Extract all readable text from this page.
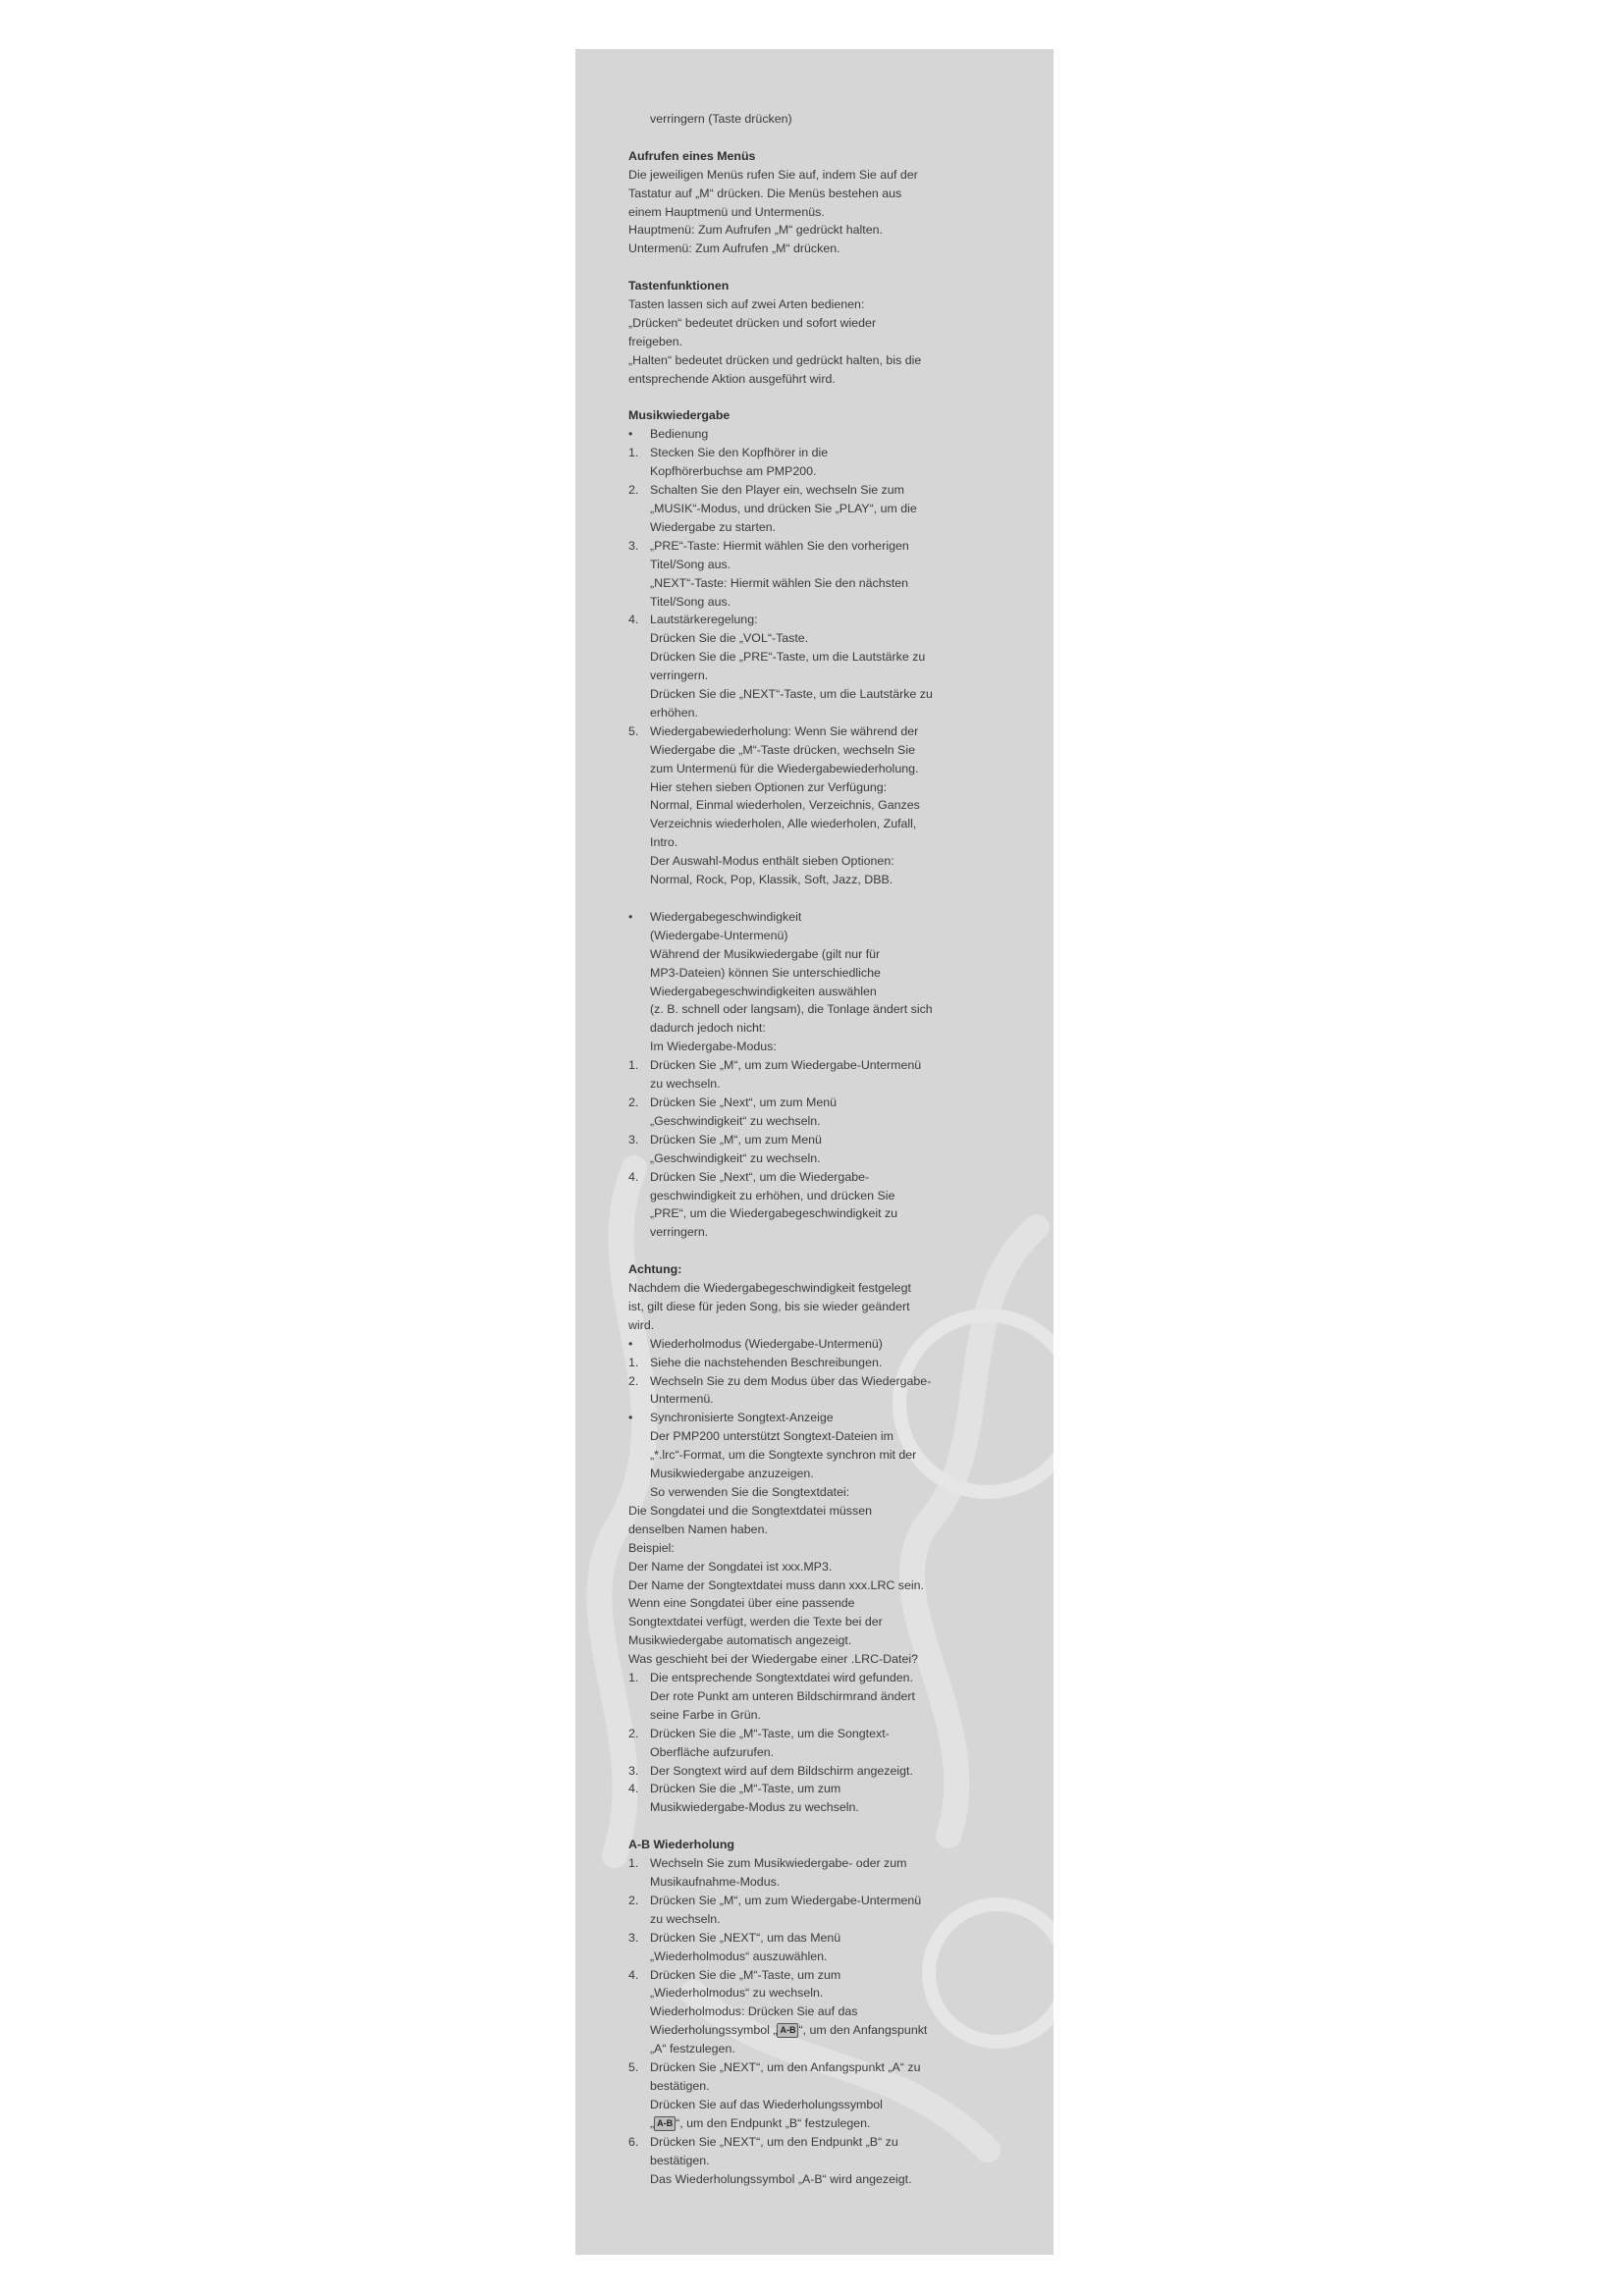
verringern (Taste drücken)
Aufrufen eines Menüs
Die jeweiligen Menüs rufen Sie auf, indem Sie auf der
Tastatur auf „M“ drücken. Die Menüs bestehen aus
einem Hauptmenü und Untermenüs.
Hauptmenü: Zum Aufrufen „M“ gedrückt halten.
Untermenü: Zum Aufrufen „M“ drücken.
Tastenfunktionen
Tasten lassen sich auf zwei Arten bedienen:
„Drücken“ bedeutet drücken und sofort wieder
freigeben.
„Halten“ bedeutet drücken und gedrückt halten, bis die
entsprechende Aktion ausgeführt wird.
Musikwiedergabe
• Bedienung
1. Stecken Sie den Kopfhörer in die
Kopfhörerbuchse am PMP200.
2. Schalten Sie den Player ein, wechseln Sie zum
„MUSIK“-Modus, und drücken Sie „PLAY“, um die
Wiedergabe zu starten.
3. „PRE“-Taste: Hiermit wählen Sie den vorherigen
Titel/Song aus.
„NEXT“-Taste: Hiermit wählen Sie den nächsten
Titel/Song aus.
4. Lautstärkeregelung:
Drücken Sie die „VOL“-Taste.
Drücken Sie die „PRE“-Taste, um die Lautstärke zu
verringern.
Drücken Sie die „NEXT“-Taste, um die Lautstärke zu
erhöhen.
5. Wiedergabewiederholung: Wenn Sie während der
Wiedergabe die „M“-Taste drücken, wechseln Sie
zum Untermenü für die Wiedergabewiederholung.
Hier stehen sieben Optionen zur Verfügung:
Normal, Einmal wiederholen, Verzeichnis, Ganzes
Verzeichnis wiederholen, Alle wiederholen, Zufall,
Intro.
Der Auswahl-Modus enthält sieben Optionen:
Normal, Rock, Pop, Klassik, Soft, Jazz, DBB.
• Wiedergabegeschwindigkeit
(Wiedergabe-Untermenü)
Während der Musikwiedergabe (gilt nur für
MP3-Dateien) können Sie unterschiedliche
Wiedergabegeschwindigkeiten auswählen
(z. B. schnell oder langsam), die Tonlage ändert sich
dadurch jedoch nicht:
Im Wiedergabe-Modus:
1. Drücken Sie „M“, um zum Wiedergabe-Untermenü
zu wechseln.
2. Drücken Sie „Next“, um zum Menü
„Geschwindigkeit“ zu wechseln.
3. Drücken Sie „M“, um zum Menü
„Geschwindigkeit“ zu wechseln.
4. Drücken Sie „Next“, um die Wiedergabe-
geschwindigkeit zu erhöhen, und drücken Sie
„PRE“, um die Wiedergabegeschwindigkeit zu
verringern.
Achtung:
Nachdem die Wiedergabegeschwindigkeit festgelegt
ist, gilt diese für jeden Song, bis sie wieder geändert
wird.
• Wiederholmodus (Wiedergabe-Untermenü)
1. Siehe die nachstehenden Beschreibungen.
2. Wechseln Sie zu dem Modus über das Wiedergabe-
Untermenü.
• Synchronisierte Songtext-Anzeige
Der PMP200 unterstützt Songtext-Dateien im
„*.lrc“-Format, um die Songtexte synchron mit der
Musikwiedergabe anzuzeigen.
So verwenden Sie die Songtextdatei:
Die Songdatei und die Songtextdatei müssen
denselben Namen haben.
Beispiel:
Der Name der Songdatei ist xxx.MP3.
Der Name der Songtextdatei muss dann xxx.LRC sein.
Wenn eine Songdatei über eine passende
Songtextdatei verfügt, werden die Texte bei der
Musikwiedergabe automatisch angezeigt.
Was geschieht bei der Wiedergabe einer .LRC-Datei?
1. Die entsprechende Songtextdatei wird gefunden.
Der rote Punkt am unteren Bildschirmrand ändert
seine Farbe in Grün.
2. Drücken Sie die „M“-Taste, um die Songtext-
Oberfläche aufzurufen.
3. Der Songtext wird auf dem Bildschirm angezeigt.
4. Drücken Sie die „M“-Taste, um zum
Musikwiedergabe-Modus zu wechseln.
A-B Wiederholung
1. Wechseln Sie zum Musikwiedergabe- oder zum
Musikaufnahme-Modus.
2. Drücken Sie „M“, um zum Wiedergabe-Untermenü
zu wechseln.
3. Drücken Sie „NEXT“, um das Menü
„Wiederholmodus“ auszuwählen.
4. Drücken Sie die „M“-Taste, um zum
„Wiederholmodus“ zu wechseln.
Wiederholmodus: Drücken Sie auf das
Wiederholungssymbol „ A-B “, um den Anfangspunkt
„A“ festzulegen.
5. Drücken Sie „NEXT“, um den Anfangspunkt „A“ zu
bestätigen.
Drücken Sie auf das Wiederholungssymbol
„ A-B “, um den Endpunkt „B“ festzulegen.
6. Drücken Sie „NEXT“, um den Endpunkt „B“ zu
bestätigen.
Das Wiederholungssymbol „A-B“ wird angezeigt.
